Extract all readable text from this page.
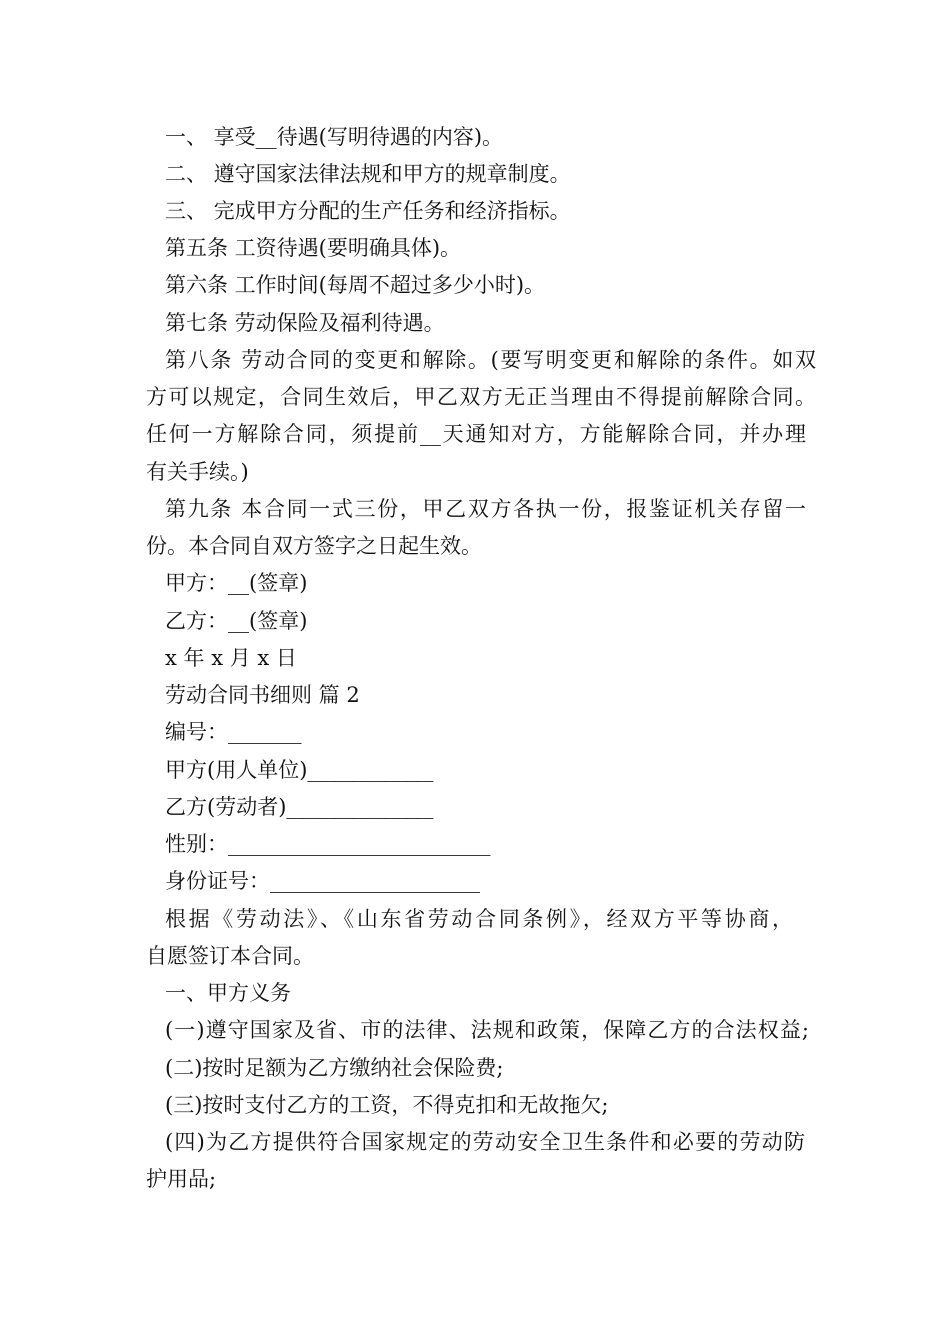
一、 享受__待遇(写明待遇的内容)。
二、 遵守国家法律法规和甲方的规章制度。
三、 完成甲方分配的生产任务和经济指标。
第五条 工资待遇(要明确具体)。
第六条 工作时间(每周不超过多少小时)。
第七条 劳动保险及福利待遇。
第八条 劳动合同的变更和解除。(要写明变更和解除的条件。如双
方可以规定，合同生效后，甲乙双方无正当理由不得提前解除合同。
任何一方解除合同，须提前__天通知对方，方能解除合同，并办理
有关手续。)
第九条 本合同一式三份，甲乙双方各执一份，报鉴证机关存留一
份。本合同自双方签字之日起生效。
甲方：__(签章)
乙方：__(签章)
x 年 x 月 x 日
劳动合同书细则 篇 2
编号：_______
甲方(用人单位)____________
乙方(劳动者)______________
性别：_________________________
身份证号：____________________
根据《劳动法》、《山东省劳动合同条例》，经双方平等协商，
自愿签订本合同。
一、甲方义务
(一)遵守国家及省、市的法律、法规和政策，保障乙方的合法权益;
(二)按时足额为乙方缴纳社会保险费;
(三)按时支付乙方的工资，不得克扣和无故拖欠;
(四)为乙方提供符合国家规定的劳动安全卫生条件和必要的劳动防
护用品;
